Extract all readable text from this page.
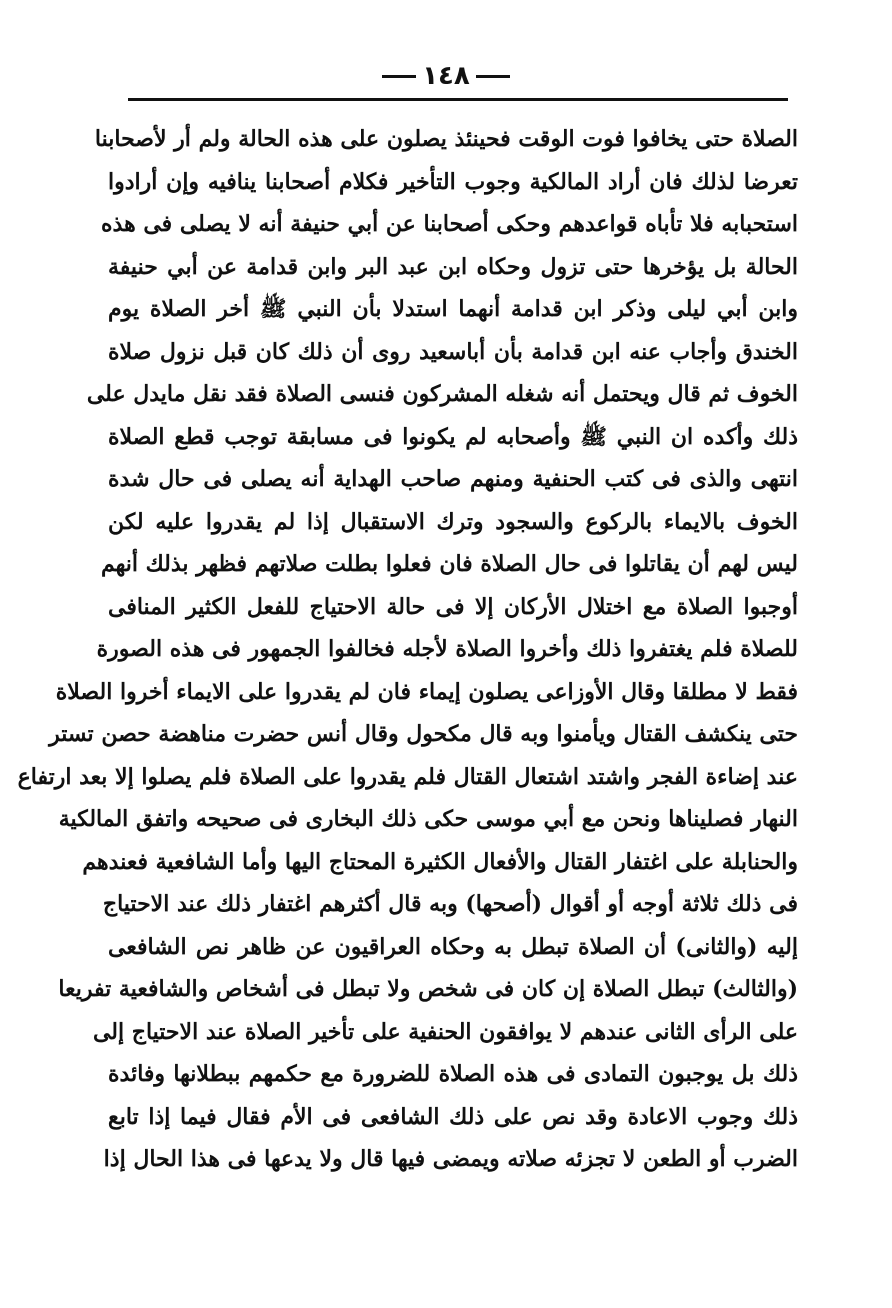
١٤٨
الصلاة حتى يخافوا فوت الوقت فحينئذ يصلون على هذه الحالة ولم أر لأصحابنا
تعرضا لذلك فان أراد المالكية وجوب التأخير فكلام أصحابنا ينافيه وإن أرادوا
استحبابه فلا تأباه قواعدهم وحكى أصحابنا عن أبي حنيفة أنه لا يصلى فى هذه
الحالة بل يؤخرها حتى تزول وحكاه ابن عبد البر وابن قدامة عن أبي حنيفة
وابن أبي ليلى وذكر ابن قدامة أنهما استدلا بأن النبي ﷺ أخر الصلاة يوم
الخندق وأجاب عنه ابن قدامة بأن أباسعيد روى أن ذلك كان قبل نزول صلاة
الخوف ثم قال ويحتمل أنه شغله المشركون فنسى الصلاة فقد نقل مايدل على
ذلك وأكده ان النبي ﷺ وأصحابه لم يكونوا فى مسابقة توجب قطع الصلاة
انتهى والذى فى كتب الحنفية ومنهم صاحب الهداية أنه يصلى فى حال شدة
الخوف بالايماء بالركوع والسجود وترك الاستقبال إذا لم يقدروا عليه لكن
ليس لهم أن يقاتلوا فى حال الصلاة فان فعلوا بطلت صلاتهم فظهر بذلك أنهم
أوجبوا الصلاة مع اختلال الأركان إلا فى حالة الاحتياج للفعل الكثير المنافى
للصلاة فلم يغتفروا ذلك وأخروا الصلاة لأجله فخالفوا الجمهور فى هذه الصورة
فقط لا مطلقا وقال الأوزاعى يصلون إيماء فان لم يقدروا على الايماء أخروا الصلاة
حتى ينكشف القتال ويأمنوا وبه قال مكحول وقال أنس حضرت مناهضة حصن تستر
عند إضاءة الفجر واشتد اشتعال القتال فلم يقدروا على الصلاة فلم يصلوا إلا بعد ارتفاع
النهار فصليناها ونحن مع أبي موسى حكى ذلك البخارى فى صحيحه واتفق المالكية
والحنابلة على اغتفار القتال والأفعال الكثيرة المحتاج اليها وأما الشافعية فعندهم
فى ذلك ثلاثة أوجه أو أقوال (أصحها) وبه قال أكثرهم اغتفار ذلك عند الاحتياج
إليه (والثانى) أن الصلاة تبطل به وحكاه العراقيون عن ظاهر نص الشافعى
(والثالث) تبطل الصلاة إن كان فى شخص ولا تبطل فى أشخاص والشافعية تفريعا
على الرأى الثانى عندهم لا يوافقون الحنفية على تأخير الصلاة عند الاحتياج إلى
ذلك بل يوجبون التمادى فى هذه الصلاة للضرورة مع حكمهم ببطلانها وفائدة
ذلك وجوب الاعادة وقد نص على ذلك الشافعى فى الأم فقال فيما إذا تابع
الضرب أو الطعن لا تجزئه صلاته ويمضى فيها قال ولا يدعها فى هذا الحال إذا
